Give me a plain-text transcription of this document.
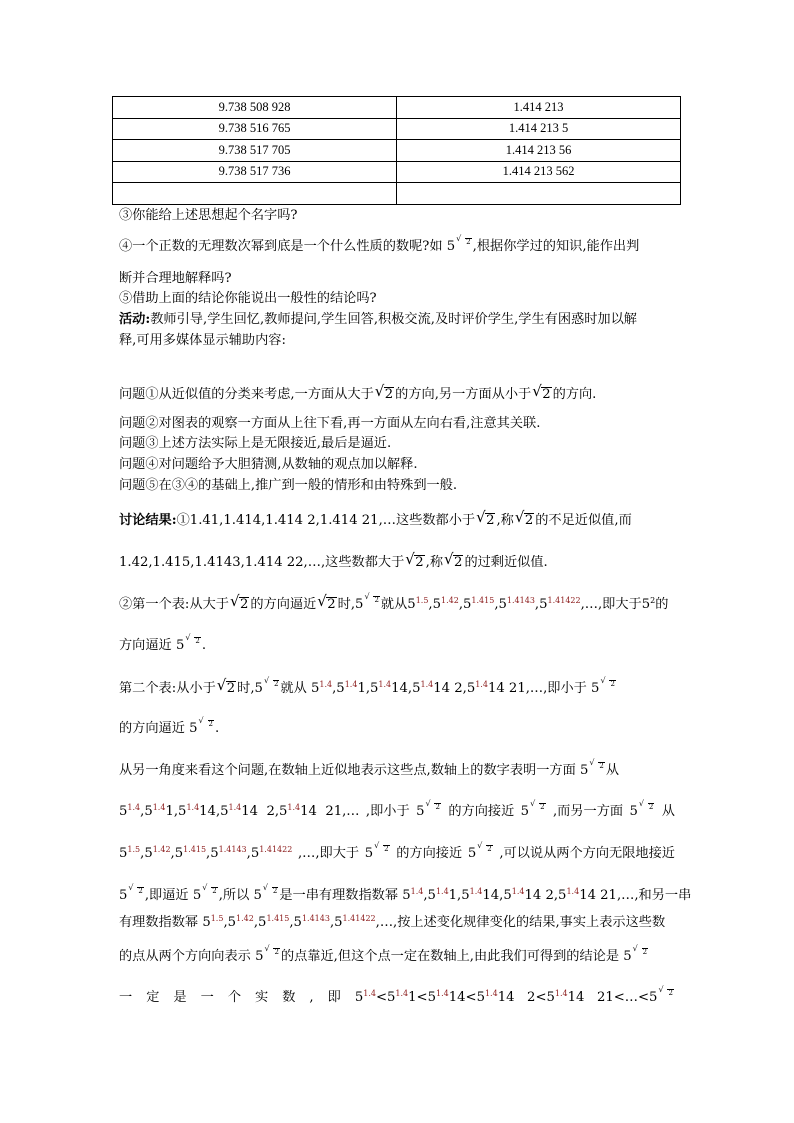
9.738 508 928	1.414 213
9.738 516 765	1.414 213 5
9.738 517 705	1.414 213 56
9.738 517 736	1.414 213 562

③你能给上述思想起个名字吗?
④一个正数的无理数次幂到底是一个什么性质的数呢?如 5
√ 2 ,根据你学过的知识,能作出判
断并合理地解释吗?
⑤借助上面的结论你能说出一般性的结论吗?
活动:教师引导,学生回忆,教师提问,学生回答,积极交流,及时评价学生,学生有困惑时加以解
释,可用多媒体显示辅助内容:
问题①从近似值的分类来考虑,一方面从大于 √ 2 的方向,另一方面从小于 √ 2 的方向.
问题②对图表的观察一方面从上往下看,再一方面从左向右看,注意其关联.
问题③上述方法实际上是无限接近,最后是逼近.
问题④对问题给予大胆猜测,从数轴的观点加以解释.
问题⑤在③④的基础上,推广到一般的情形和由特殊到一般.
讨论结果:①1.41,1.414,1.414 2,1.414 21,…这些数都小于 √ 2 ,称 √ 2 的不足近似值,而
1.42,1.415,1.4143,1.414 22,…,这些数都大于 √ 2 ,称 √ 2 的过剩近似值.
②第一个表:从大于 √ 2 的方向逼近 √ 2 时,5
√ 2 就从$5^{1.5},5^{1.42},5^{1.415},5^{1.4143},5^{1.41422},\dots$,即大于$5^2$的
方向逼近 5
√ 2 .
第二个表:从小于 √ 2 时,5
√ 2 就从 $5^{1.4},5^{1.4}1,5^{1.4}14,5^{1.4}14$ $2,5^{1.4}14$ 21,…,即小于 5
√ 2
的方向逼近 5
√ 2 .
从另一角度来看这个问题,在数轴上近似地表示这些点,数轴上的数字表明一方面 5
√ 2 从
$5^{1.4},5^{1.4}1,5^{1.4}14,5^{1.4}14$  $2,5^{1.4}14$  21,… ,即小于 5
√ 2 的方向接近 5
√ 2 ,而另一方面 5
√ 2 从
$5^{1.5},5^{1.42},5^{1.415},5^{1.4143},5^{1.41422}$ ,…,即大于 5
√ 2 的方向接近 5
√ 2 ,可以说从两个方向无限地接近
5
√ 2 ,即逼近 5
√ 2 ,所以 5
√ 2 是一串有理数指数幂 $5^{1.4},5^{1.4}1,5^{1.4}14,5^{1.4}14$ $2,5^{1.4}14$ 21,…,和另一串
有理数指数幂 $5^{1.5},5^{1.42},5^{1.415},5^{1.4143},5^{1.41422},\dots$,按上述变化规律变化的结果,事实上表示这些数
的点从两个方向向表示 5
√ 2 的点靠近,但这个点一定在数轴上,由此我们可得到的结论是 5
√ 2
一 定 是 一 个 实 数 , 即 $5^{1.4}<5^{1.4}1<5^{1.4}14<5^{1.4}14$   $2<5^{1.4}14$   21<…<5
√ 2
